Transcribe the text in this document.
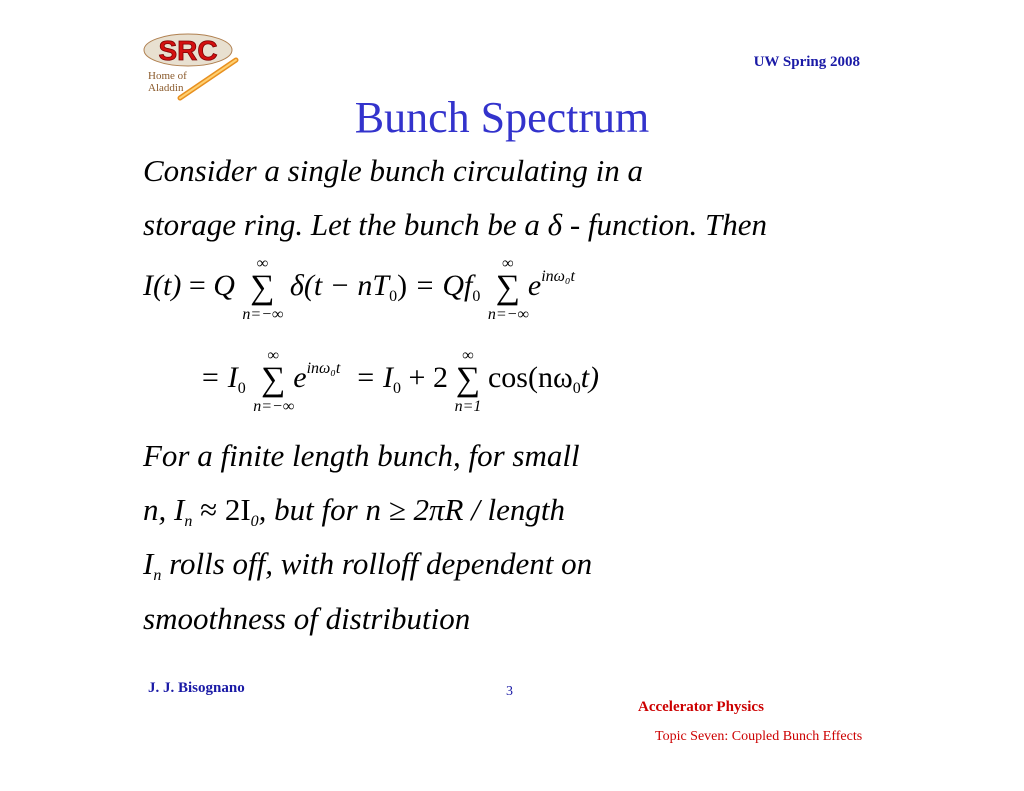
SRC
Home of
Aladdin
UW Spring 2008
Bunch Spectrum
Consider a single bunch circulating in a
storage ring. Let the bunch be a δ - function. Then
I(t) = Q
∞
∑
n=−∞
$\delta(t - nT_0) = Qf_0$
∞
∑
n=−∞
$e^{in\omega_0t}$
= $I_0$
∞
∑
n=−∞
$e^{in\omega_0t} = I_0 + 2$
∞
∑
n=1
$\cos(n\omega_0t)$
For a finite length bunch, for small
n, In ≈ 2I0, but for n ≥ 2πR / length
In rolls off, with rolloff dependent on
smoothness of distribution
J. J. Bisognano	3
Accelerator Physics
Topic Seven: Coupled Bunch Effects
